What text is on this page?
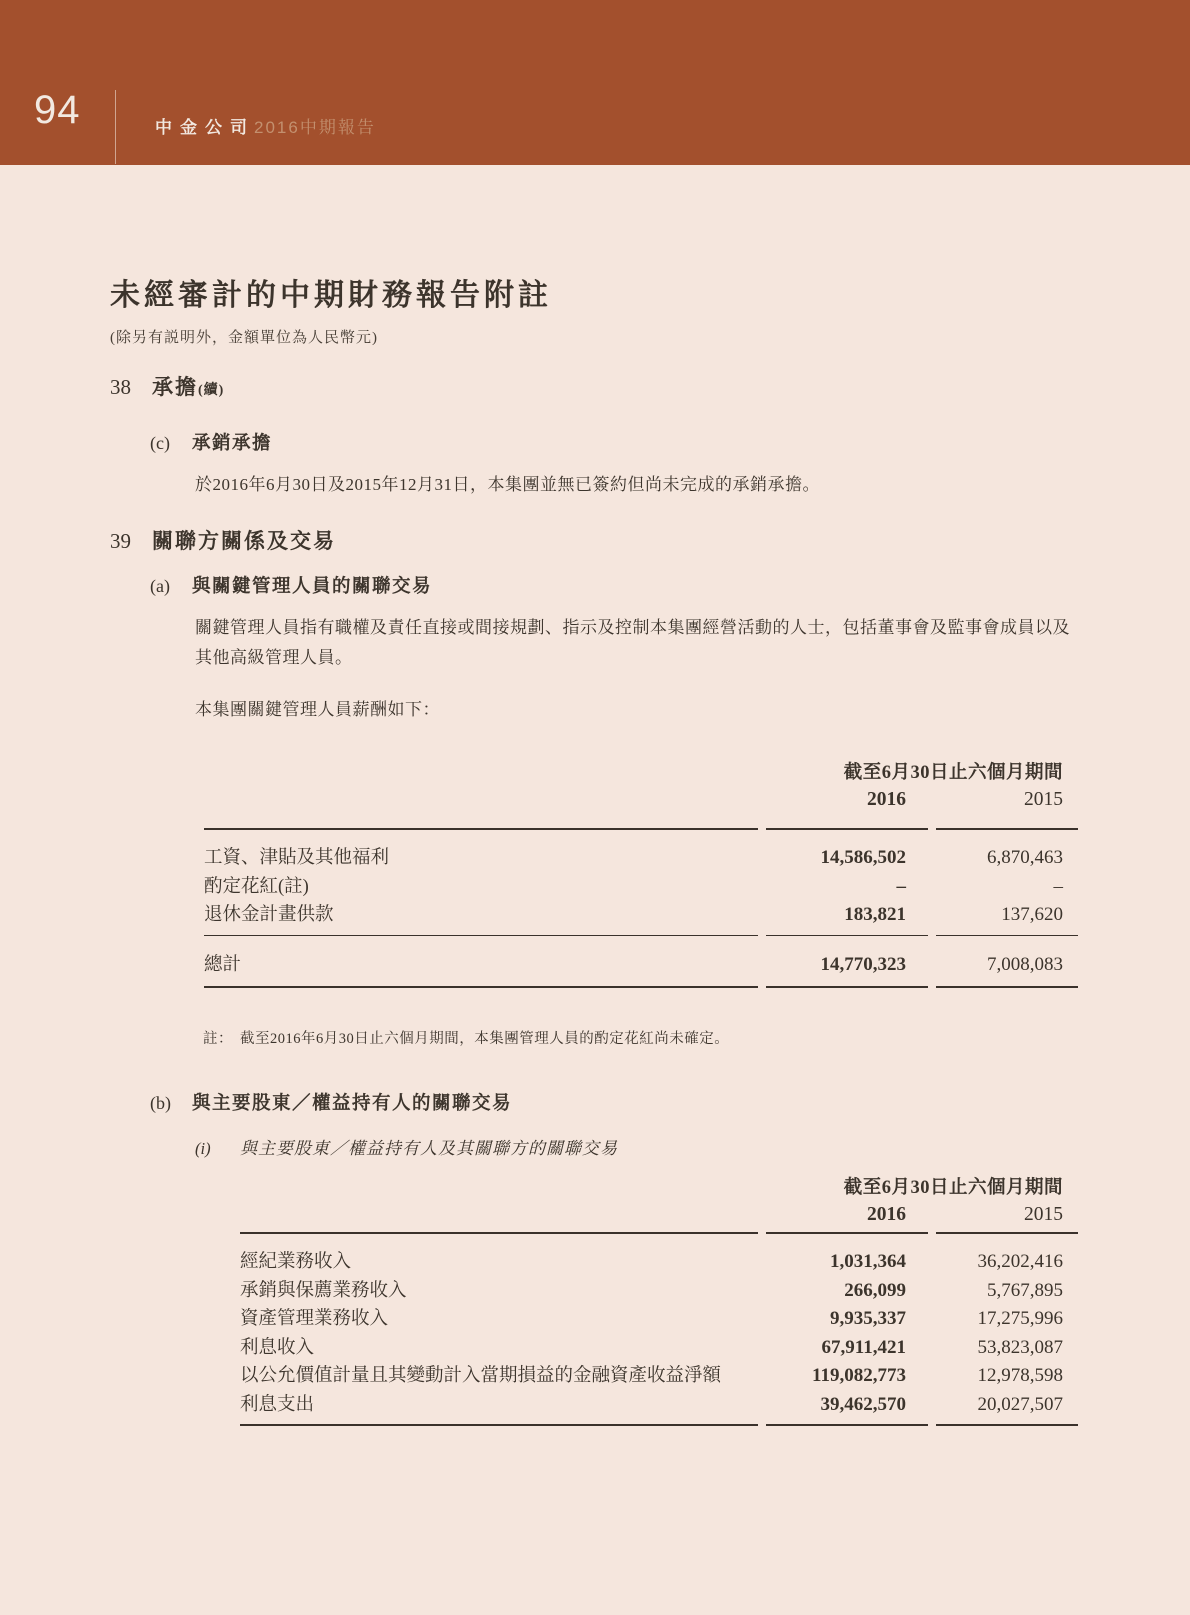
94	中金公司 2016中期報告
未經審計的中期財務報告附註
(除另有説明外，金額單位為人民幣元)
38	承擔 (續)
(c)	承銷承擔

於2016年6月30日及2015年12月31日，本集團並無已簽約但尚未完成的承銷承擔。

39	關聯方關係及交易
(a)	與關鍵管理人員的關聯交易

關鍵管理人員指有職權及責任直接或間接規劃、指示及控制本集團經營活動的人士，包括董事會及監事會成員以及其他高級管理人員。

本集團關鍵管理人員薪酬如下：

截至6月30日止六個月期間
2016	2015
工資、津貼及其他福利	14,586,502	6,870,463
酌定花紅(註)	–	–
退休金計畫供款	183,821	137,620
總計	14,770,323	7,008,083
註： 截至2016年6月30日止六個月期間，本集團管理人員的酌定花紅尚未確定。
(b)	與主要股東／權益持有人的關聯交易
(i)	與主要股東／權益持有人及其關聯方的關聯交易
截至6月30日止六個月期間
2016	2015
經紀業務收入	1,031,364	36,202,416
承銷與保薦業務收入	266,099	5,767,895
資產管理業務收入	9,935,337	17,275,996
利息收入	67,911,421	53,823,087
以公允價值計量且其變動計入當期損益的金融資產收益淨額	119,082,773	12,978,598
利息支出	39,462,570	20,027,507
